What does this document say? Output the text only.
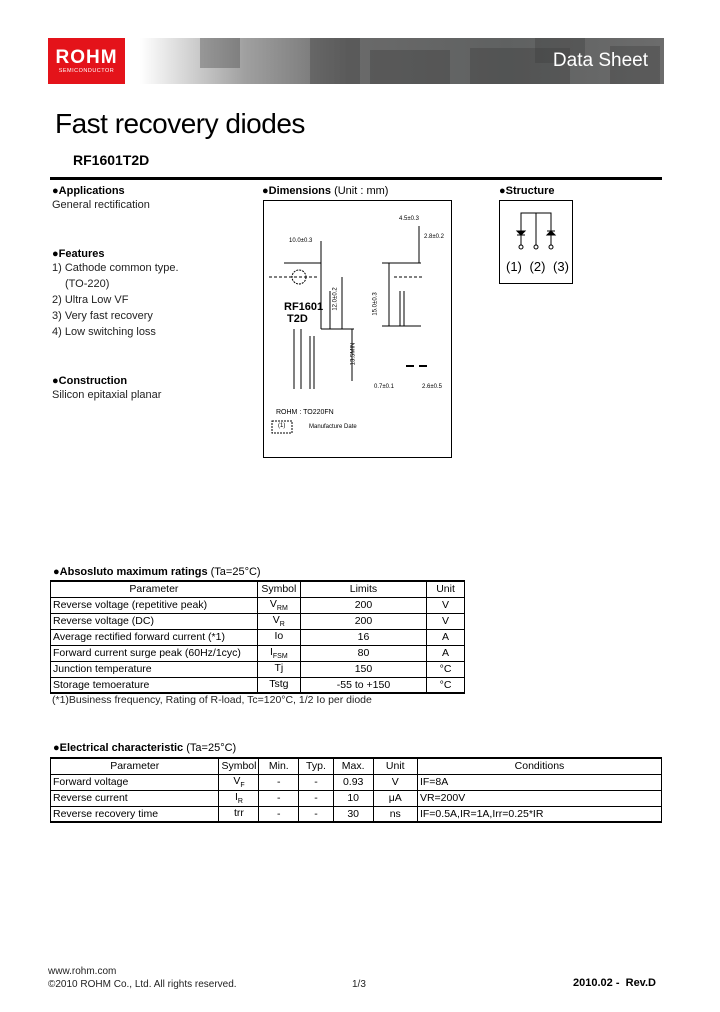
ROHM
SEMICONDUCTOR	Data Sheet
Fast recovery diodes
RF1601T2D
●Applications
General rectification
●Features
1) Cathode common type.
(TO-220)
2) Ultra Low VF
3) Very fast recovery
4) Low switching loss
●Construction
Silicon epitaxial planar
●Dimensions (Unit : mm)
10.0±0.3
4.5±0.3
2.8±0.2
15.0±0.3
12.0±0.2
13.5MIN
0.7±0.1	2.6±0.5
RF1601
T2D
ROHM : TO220FN
(1)	Manufacture Date
●Structure
(1) (2) (3)
●Absosluto maximum ratings (Ta=25°C)
Parameter	Symbol	Limits	Unit
Reverse voltage (repetitive peak)	$V_{RM}$	200	V
Reverse voltage (DC)	$V_R$	200	V
Average rectified forward current (*1)	Io	16	A
Forward current surge peak (60Hz/1cyc)	$I_{FSM}$	80	A
Junction temperature	Tj	150	°C
Storage temoerature	Tstg	-55 to +150	°C
(*1)Business frequency, Rating of R-load, Tc=120°C, 1/2 Io per diode
●Electrical characteristic (Ta=25°C)
Parameter	Symbol	Min.	Typ.	Max.	Unit	Conditions
Forward voltage	$V_F$	-	-	0.93	V	IF=8A
Reverse current	$I_R$	-	-	10	μA	VR=200V
Reverse recovery time	trr	-	-	30	ns	IF=0.5A,IR=1A,Irr=0.25*IR
www.rohm.com
©2010 ROHM Co., Ltd. All rights reserved.	1/3	2010.02 -  Rev.D
